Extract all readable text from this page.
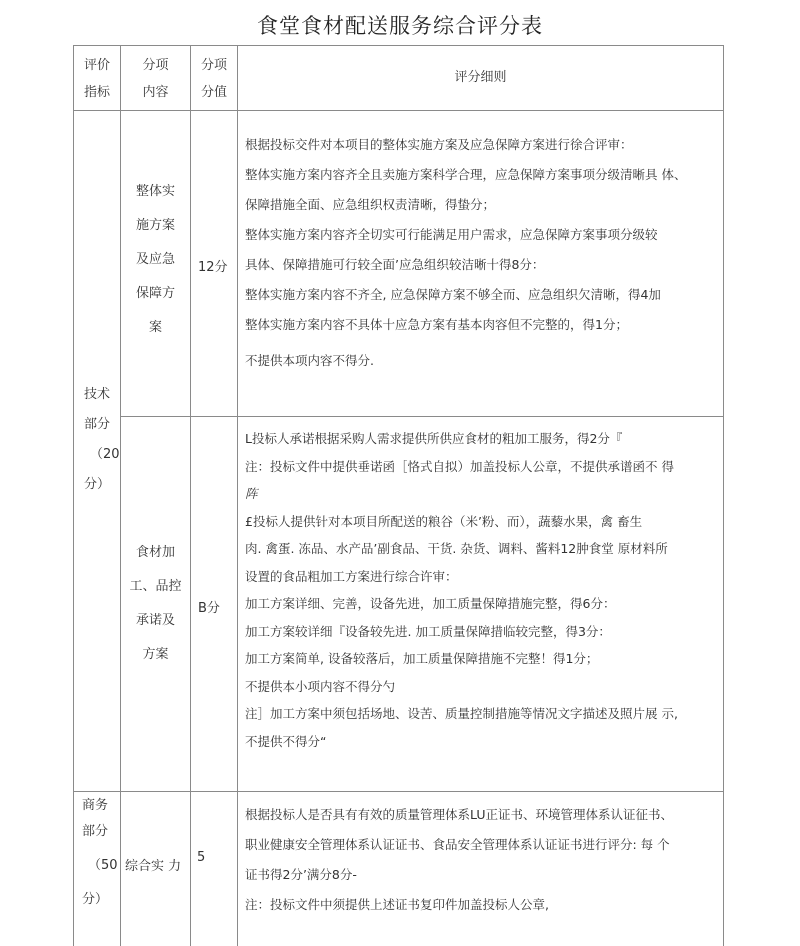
食堂食材配送服务综合评分表
评价
指标
分项
内容
分项
分值
评分细则
技术
部分
（20
分）
整体实
施方案
及应急
保障方
案
12分
根据投标交件对本项目的整体实施方案及应急保障方案进行徐合评审：
整体实施方案内容齐全且卖施方案科学合理，应急保障方案事项分级清晰具 体、
保障措施全面、应急组织权责清晰，得蛰分；
整体实施方案内容齐全切实可行能满足用户需求，应急保障方案事项分级较
具体、保障措施可行较全面’应急组织较洁晰十得8分：
整体实施方案内容不齐全, 应急保障方案不够全而、应急组织欠清晰，得4加
整体实施方案内容不具体十应急方案有基本肉容但不完整的，得1分；
不提供本项内容不得分.
食材加
工、品控
承诺及
方案
B分
L投标人承诺根据采购人需求提供所供应食材的粗加工服务，得2分『
注：投标文件中提供垂诺函［恪式自拟）加盖投标人公章，不提供承谱函不 得
阵
£投标人提供针对本项目所配送的粮谷（米’粉、而），蔬藜水果，禽 畜生
肉. 禽蛋. 冻品、水产品’副食品、干货. 杂货、调料、酱料12肿食堂 原材料所
设置的食品粗加工方案进行综合许审：
加工方案详细、完善，设备先进，加工质量保障措施完整，得6分：
加工方案较详细『设备较先进. 加工质量保障措临较完整，得3分：
加工方案简单, 设备较落后，加工质量保障措施不完整！得1分；
不提供本小项内容不得分勺
注］加工方案中须包括场地、设苦、质量控制措施等情况文字描述及照片展 示,
不提供不得分“
商务
部分
（50
分）
综合实 力
5
根据投标人是否具有有效的质量管理体系LU正证书、环境管理体系认证征书、
职业健康安全管理体系认证证书、食品安全管理体系认证证书进行评分: 每 个
证书得2分’满分8分-
注：投标文件中须提供上述证书复印件加盖投标人公章,
